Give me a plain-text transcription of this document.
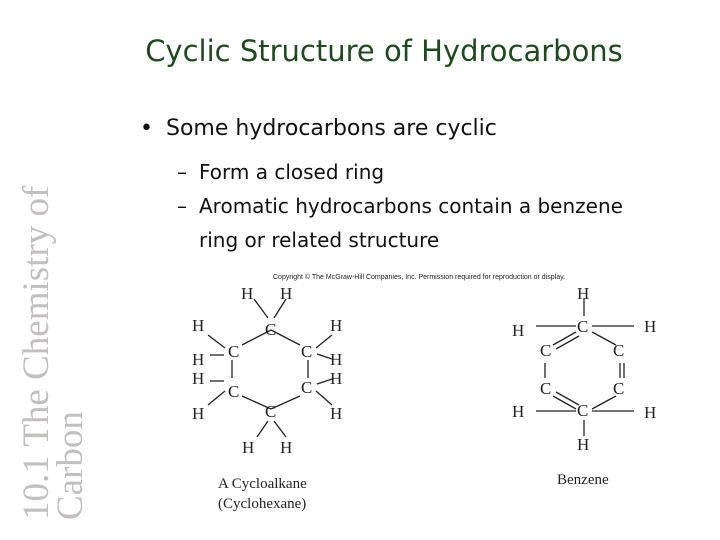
Cyclic Structure of Hydrocarbons
10.1 The Chemistry of
Carbon
• Some hydrocarbons are cyclic
– Form a closed ring
– Aromatic hydrocarbons contain a benzene
ring or related structure
Copyright © The McGraw-Hill Companies, Inc. Permission required for reproduction or display.
C
C	C
C	C
C
H H
H
H
H
H
H
H
H
H
H H
A Cycloalkane
(Cyclohexane)
H
C
H	H
C	C
C	C
C
H	H
H
Benzene
